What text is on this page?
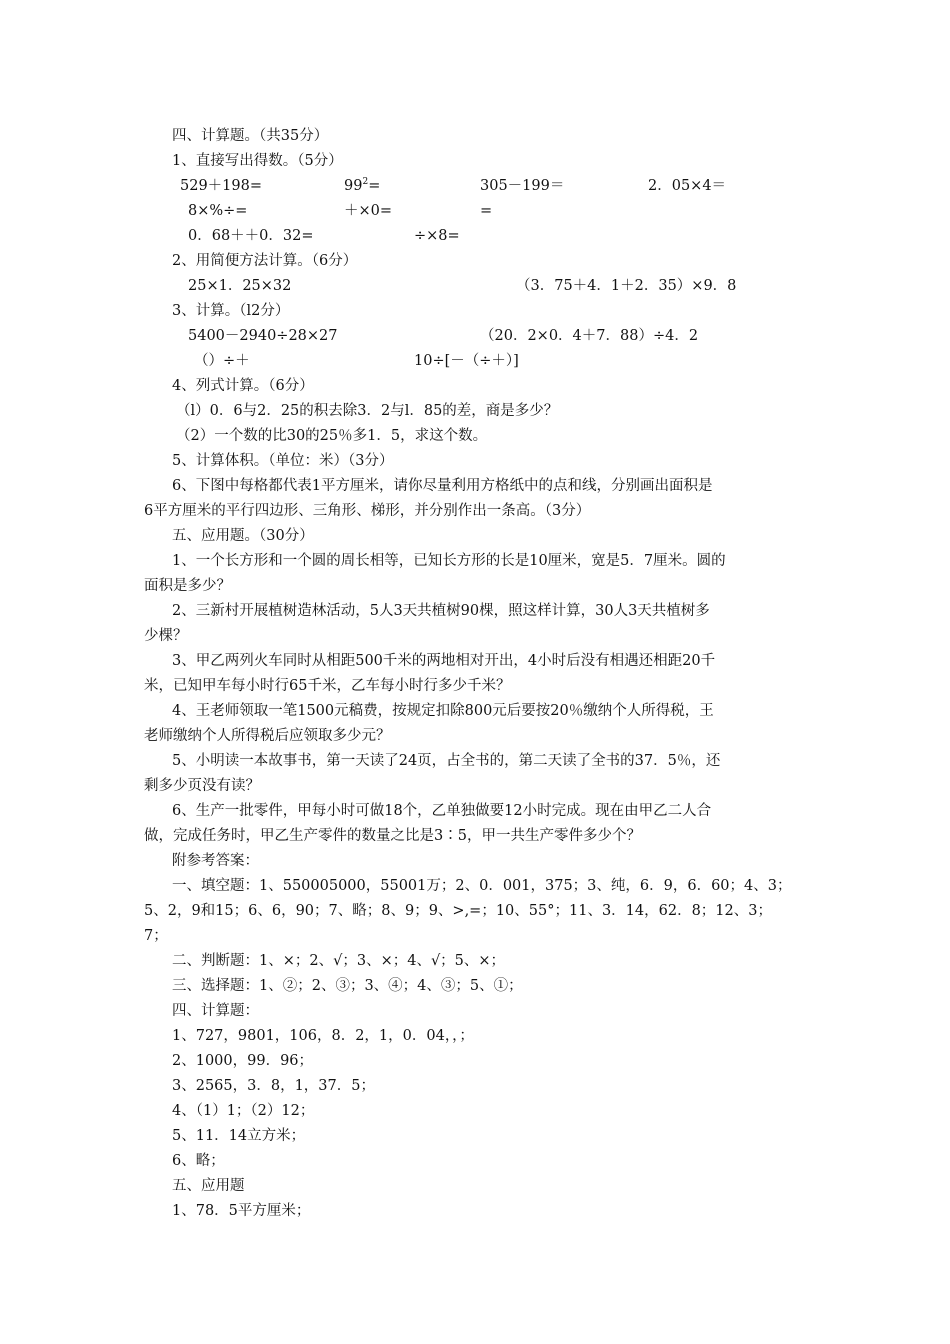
四、计算题。（共35分）
1、直接写出得数。（5分）
529＋198=	$99^2=$	305－199＝	2．05×4＝
8×%÷=	＋×0=	=
0．68＋＋0．32=	÷×8=
2、用简便方法计算。（6分）
25×1．25×32	（3．75＋4．1＋2．35）×9．8
3、计算。（l2分）
5400－2940÷28×27	（20．2×0．4＋7．88）÷4．2
（）÷＋	10÷[－（÷＋）]
4、列式计算。（6分）
（l）0．6与2．25的积去除3．2与l．85的差，商是多少？
（2）一个数的比30的25％多1．5，求这个数。
5、计算体积。（单位：米）（3分）
6、下图中每格都代表1平方厘米，请你尽量利用方格纸中的点和线，分别画出面积是
6平方厘米的平行四边形、三角形、梯形，并分别作出一条高。（3分）
五、应用题。（30分）
1、一个长方形和一个圆的周长相等，已知长方形的长是10厘米，宽是5．7厘米。圆的
面积是多少？
2、三新村开展植树造林活动，5人3天共植树90棵，照这样计算，30人3天共植树多
少棵？
3、甲乙两列火车同时从相距500千米的两地相对开出，4小时后没有相遇还相距20千
米，已知甲车每小时行65千米，乙车每小时行多少千米？
4、王老师领取一笔1500元稿费，按规定扣除800元后要按20％缴纳个人所得税，王
老师缴纳个人所得税后应领取多少元？
5、小明读一本故事书，第一天读了24页，占全书的，第二天读了全书的37．5％，还
剩多少页没有读？
6、生产一批零件，甲每小时可做18个，乙单独做要12小时完成。现在由甲乙二人合
做，完成任务时，甲乙生产零件的数量之比是3∶5，甲一共生产零件多少个？
附参考答案：
一、填空题：1、550005000，55001万；2、0．001，375；3、纯，6．9，6．60；4、3；
5、2，9和15；6、6，90；7、略；8、9；9、>,=；10、55°；11、3．14，62．8；12、3；
7；
二、判断题：1、×；2、√；3、×；4、√；5、×；
三、选择题：1、②；2、③；3、④；4、③；5、①；
四、计算题：
1、727，9801，106，8．2，1，0．04，，；
2、1000，99．96；
3、2565，3．8，1，37．5；
4、（1）1；（2）12；
5、11．14立方米；
6、略；
五、应用题
1、78．5平方厘米；
